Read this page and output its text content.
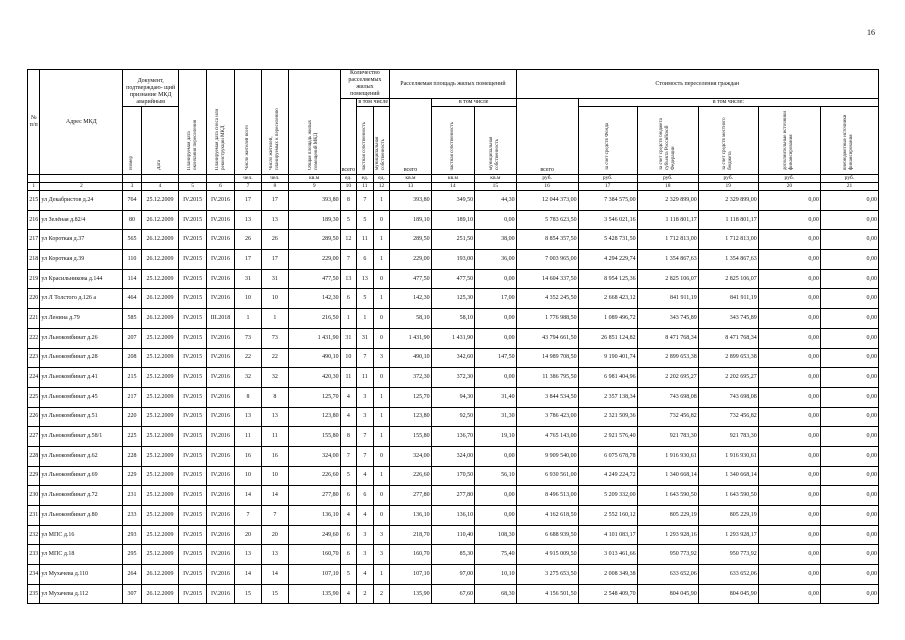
16
№ п/п	Адрес МКД	Документ, подтверждаю- щий признание МКД аварийным		Планируемая дата окончания переселения	Планируемая дата сноса или реконструкции МКД	Число жителей всего	Число жителей, планируемых к переселению	Общая площадь жилых помещений МКД	Количество расселяемых жилых помещений			Расселяемая площадь жилых помещений			Стоимость переселения граждан					
									всего	в том числе		всего	в том числе		всего	в том числе:				
		Номер	Дата							частная собственность	муниципальная собственность		частная собственность	муниципальная собственность		за счет средств Фонда	за счет средств бюджета субъекта Российской Федерации	за счет средств местного бюджета	дополнительные источники финансирования	внебюджетные источники финансирования

						чел.	чел.	кв.м	ед.	ед.	ед.	кв.м	кв.м	кв.м	руб.	руб.	руб.	руб.	руб.	руб.
1	2	3	4	5	6	7	8	9	10	11	12	13	14	15	16	17	18	19	20	21
215	ул Декабристов д.24	764	25.12.2009	IV.2015	IV.2016	17	17	393,80	8	7	1	393,80	349,50	44,30	12 044 373,00	7 384 575,00	2 329 899,00	2 329 899,00	0,00	0,00
216	ул Зелёная д.82/4	80	26.12.2009	IV.2015	IV.2016	13	13	189,30	5	5	0	189,10	189,10	0,00	5 783 623,50	3 546 021,16	1 118 801,17	1 118 801,17	0,00	0,00
217	ул Короткая д.37	565	26.12.2009	IV.2015	IV.2016	26	26	289,50	12	11	1	289,50	251,50	38,00	8 854 357,50	5 428 731,50	1 712 813,00	1 712 813,00	0,00	0,00
218	ул Короткая д.39	110	26.12.2009	IV.2015	IV.2016	17	17	229,00	7	6	1	229,00	193,00	36,00	7 003 965,00	4 294 229,74	1 354 867,63	1 354 867,63	0,00	0,00
219	ул Красильникова д.144	114	25.12.2009	IV.2015	IV.2016	31	31	477,50	13	13	0	477,50	477,50	0,00	14 604 337,50	8 954 125,36	2 825 106,07	2 825 106,07	0,00	0,00
220	ул Л Толстого д.126 а	464	26.12.2009	IV.2015	IV.2016	10	10	142,30	6	5	1	142,30	125,30	17,00	4 352 245,50	2 668 423,12	841 911,19	841 911,19	0,00	0,00
221	ул Ленина д.79	585	26.12.2009	IV.2015	III.2018	1	1	216,50	1	1	0	58,10	58,10	0,00	1 776 988,50	1 089 496,72	343 745,89	343 745,89	0,00	0,00
222	ул Льнокомбинат д.26	207	25.12.2009	IV.2015	IV.2016	73	73	1 431,90	31	31	0	1 431,90	1 431,90	0,00	43 794 661,50	26 851 124,82	8 471 768,34	8 471 768,34	0,00	0,00
223	ул Льнокомбинат д.28	208	25.12.2009	IV.2015	IV.2016	22	22	490,10	10	7	3	490,10	342,60	147,50	14 989 708,50	9 190 401,74	2 899 653,38	2 899 653,38	0,00	0,00
224	ул Льнокомбинат д.41	215	25.12.2009	IV.2015	IV.2016	32	32	420,30	11	11	0	372,30	372,30	0,00	11 386 795,50	6 981 404,96	2 202 695,27	2 202 695,27	0,00	0,00
225	ул Льнокомбинат д.45	217	25.12.2009	IV.2015	IV.2016	8	8	125,70	4	3	1	125,70	94,30	31,40	3 844 534,50	2 357 138,34	743 698,08	743 698,08	0,00	0,00
226	ул Льнокомбинат д.51	220	25.12.2009	IV.2015	IV.2016	13	13	123,80	4	3	1	123,80	92,50	31,30	3 786 423,00	2 321 509,36	732 456,82	732 456,82	0,00	0,00
227	ул Льнокомбинат д.58/1	225	25.12.2009	IV.2015	IV.2016	11	11	155,80	8	7	1	155,80	136,70	19,10	4 765 143,00	2 921 576,40	921 783,30	921 783,30	0,00	0,00
228	ул Льнокомбинат д.62	228	25.12.2009	IV.2015	IV.2016	16	16	324,00	7	7	0	324,00	324,00	0,00	9 909 540,00	6 075 678,78	1 916 930,61	1 916 930,61	0,00	0,00
229	ул Льнокомбинат д.69	229	25.12.2009	IV.2015	IV.2016	10	10	226,60	5	4	1	226,60	170,50	56,10	6 930 561,00	4 249 224,72	1 340 668,14	1 340 668,14	0,00	0,00
230	ул Льнокомбинат д.72	231	25.12.2009	IV.2015	IV.2016	14	14	277,80	6	6	0	277,80	277,80	0,00	8 496 513,00	5 209 332,00	1 643 590,50	1 643 590,50	0,00	0,00
231	ул Льнокомбинат д.80	233	25.12.2009	IV.2015	IV.2016	7	7	136,10	4	4	0	136,10	136,10	0,00	4 162 618,50	2 552 160,12	805 229,19	805 229,19	0,00	0,00
232	ул МПС д.16	293	25.12.2009	IV.2015	IV.2016	20	20	249,60	6	3	3	218,70	110,40	108,30	6 688 939,50	4 101 083,17	1 293 928,16	1 293 928,17	0,00	0,00
233	ул МПС д.18	295	25.12.2009	IV.2015	IV.2016	13	13	160,70	6	3	3	160,70	85,30	75,40	4 915 009,50	3 013 461,66	950 773,92	950 773,92	0,00	0,00
234	ул Мухачева д.110	264	26.12.2009	IV.2015	IV.2016	14	14	107,10	5	4	1	107,10	97,00	10,10	3 275 653,50	2 008 349,38	633 652,06	633 652,06	0,00	0,00
235	ул Мухачева д.112	307	26.12.2009	IV.2015	IV.2016	15	15	135,90	4	2	2	135,90	67,60	68,30	4 156 501,50	2 548 409,70	804 045,90	804 045,90	0,00	0,00
